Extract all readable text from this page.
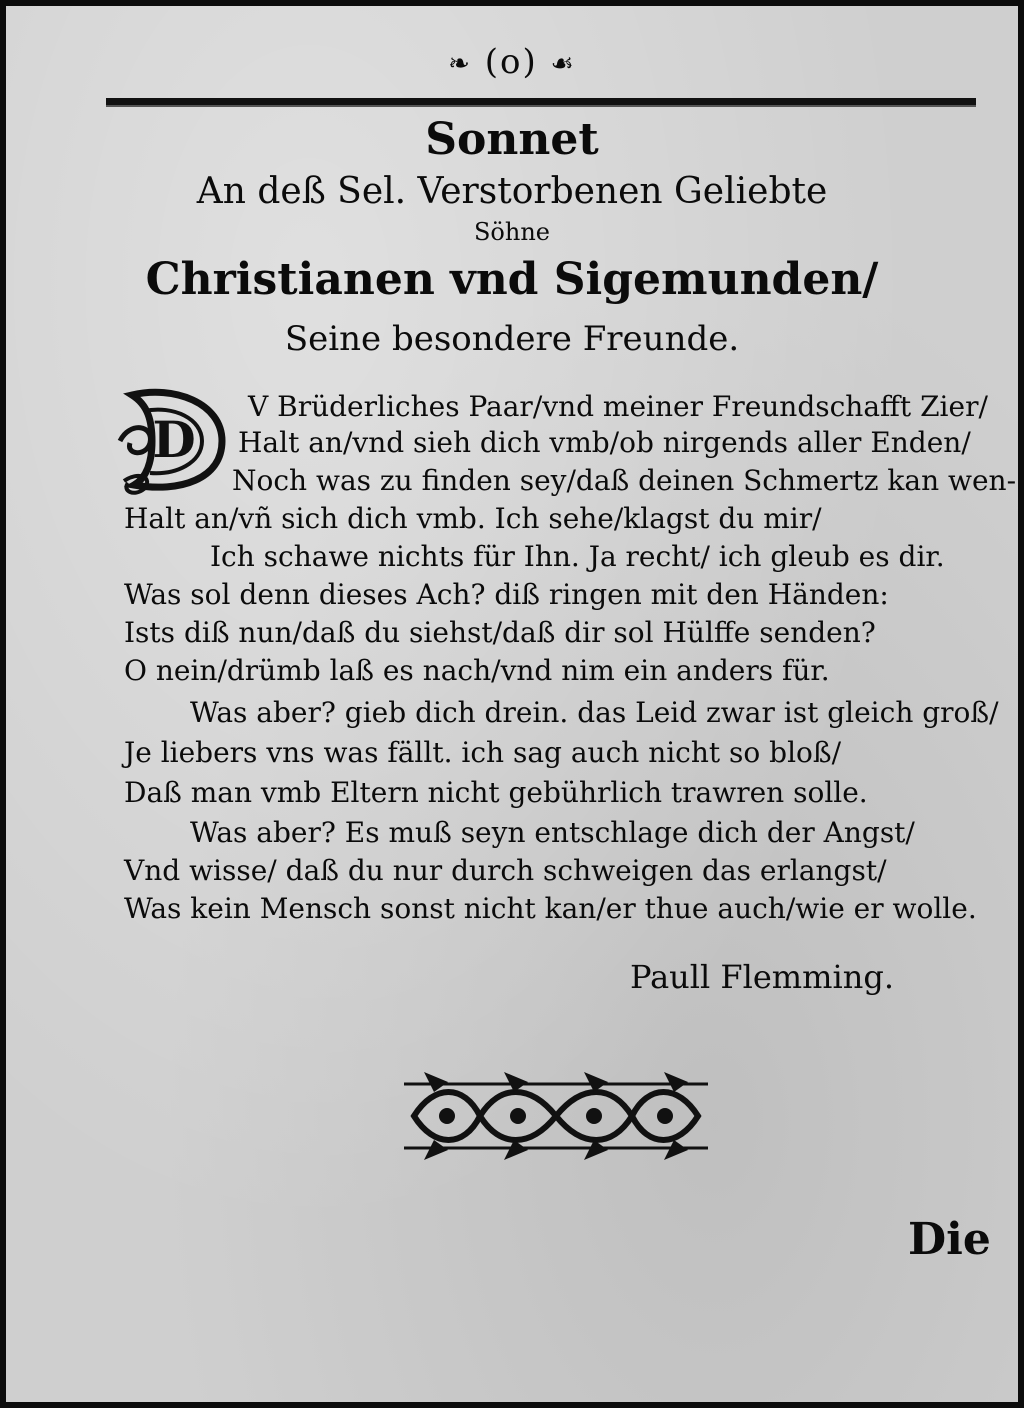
❧ (o) ☙
Sonnet
An deß Sel. Verstorbenen Geliebte
Söhne
Christianen vnd Sigemunden/
Seine besondere Freunde.
D
V Brüderliches Paar/vnd meiner Freundschafft Zier/
Halt an/vnd sieh dich vmb/ob nirgends aller Enden/
Noch was zu finden sey/daß deinen Schmertz kan wen-
Halt an/vñ sich dich vmb. Ich sehe/klagst du mir/
Ich schawe nichts für Ihn. Ja recht/ ich gleub es dir.
Was sol denn dieses Ach? diß ringen mit den Händen:
Ists diß nun/daß du siehst/daß dir sol Hülffe senden?
O nein/drümb laß es nach/vnd nim ein anders für.
Was aber? gieb dich drein. das Leid zwar ist gleich groß/
Je liebers vns was fällt. ich sag auch nicht so bloß/
Daß man vmb Eltern nicht gebührlich trawren solle.
Was aber? Es muß seyn entschlage dich der Angst/
Vnd wisse/ daß du nur durch schweigen das erlangst/
Was kein Mensch sonst nicht kan/er thue auch/wie er wolle.
Paull Flemming.
Die
